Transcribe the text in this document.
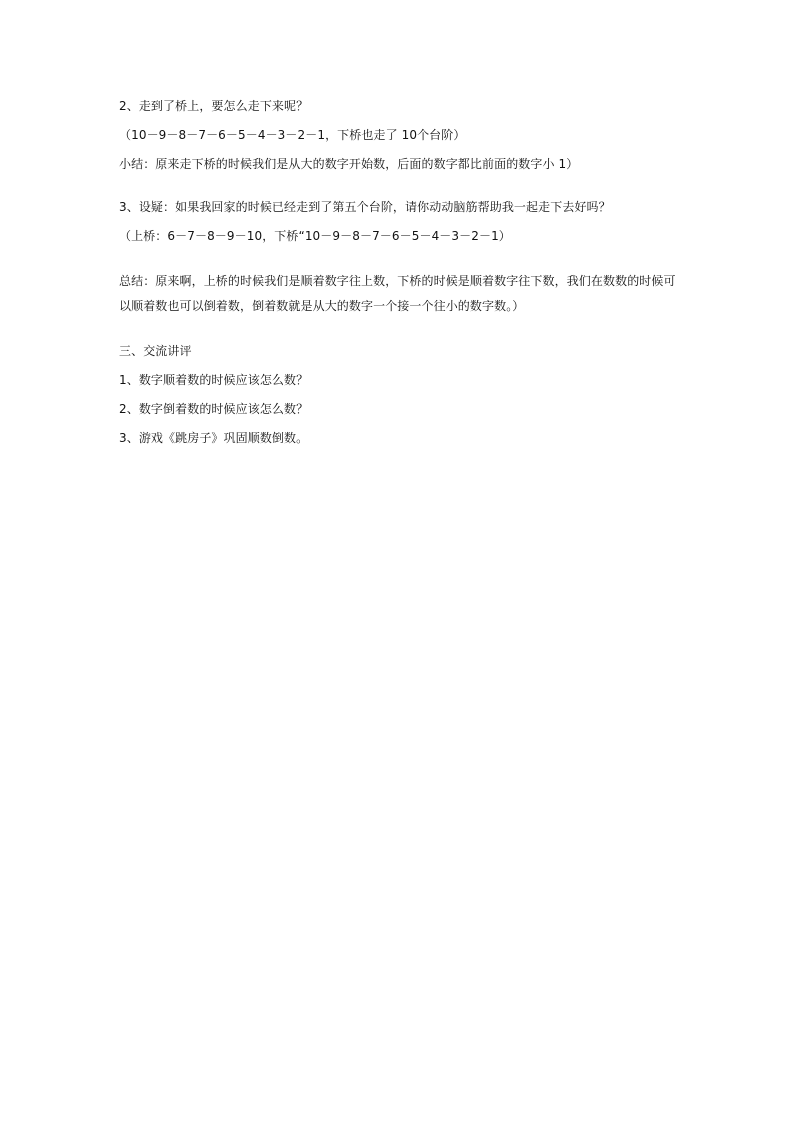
2、走到了桥上，要怎么走下来呢？

（10－9－8－7－6－5－4－3－2－1，下桥也走了 10个台阶）

小结：原来走下桥的时候我们是从大的数字开始数，后面的数字都比前面的数字小 1）

3、设疑：如果我回家的时候已经走到了第五个台阶，请你动动脑筋帮助我一起走下去好吗？

（上桥：6－7－8－9－10，下桥“10－9－8－7－6－5－4－3－2－1）

总结：原来啊，上桥的时候我们是顺着数字往上数，下桥的时候是顺着数字往下数，我们在数数的时候可以顺着数也可以倒着数，倒着数就是从大的数字一个接一个往小的数字数。）

三、交流讲评

1、数字顺着数的时候应该怎么数？

2、数字倒着数的时候应该怎么数？

3、游戏《跳房子》巩固顺数倒数。
